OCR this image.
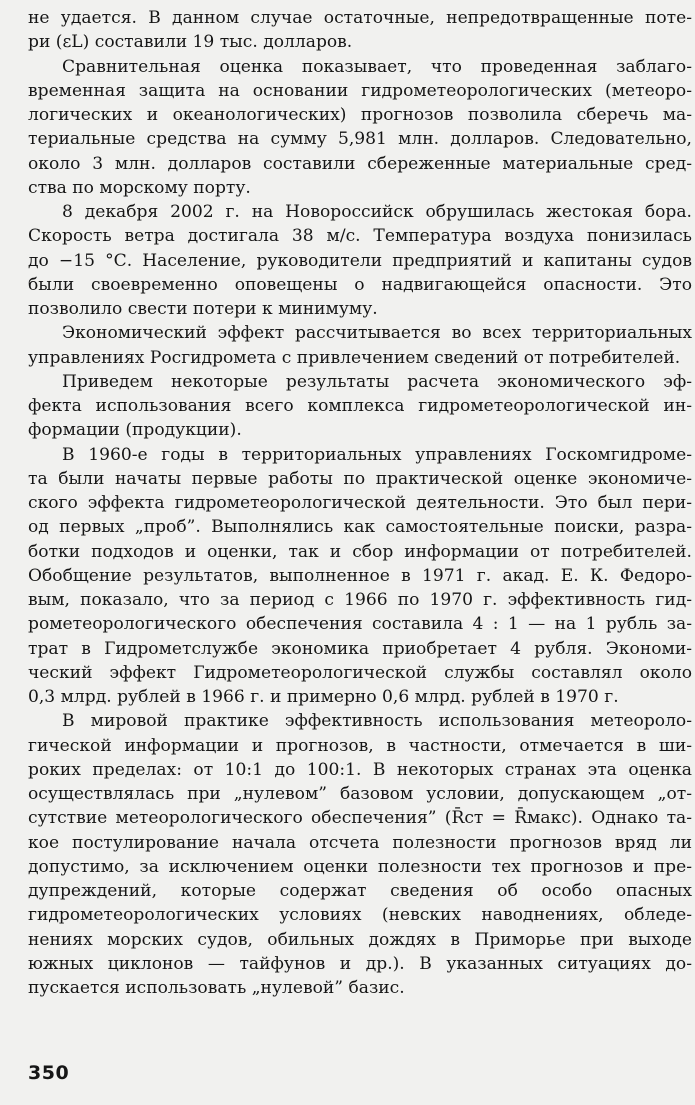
не удается. В данном случае остаточные, непредотвращенные поте-
ри (εL) составили 19 тыс. долларов.
Сравнительная оценка показывает, что проведенная заблаго-
временная защита на основании гидрометеорологических (метеоро-
логических и океанологических) прогнозов позволила сберечь ма-
териальные средства на сумму 5,981 млн. долларов. Следовательно,
около 3 млн. долларов составили сбереженные материальные сред-
ства по морскому порту.
8 декабря 2002 г. на Новороссийск обрушилась жестокая бора.
Скорость ветра достигала 38 м/с. Температура воздуха понизилась
до −15 °С. Население, руководители предприятий и капитаны судов
были своевременно оповещены о надвигающейся опасности. Это
позволило свести потери к минимуму.
Экономический эффект рассчитывается во всех территориальных
управлениях Росгидромета с привлечением сведений от потребителей.
Приведем некоторые результаты расчета экономического эф-
фекта использования всего комплекса гидрометеорологической ин-
формации (продукции).
В 1960-е годы в территориальных управлениях Госкомгидроме-
та были начаты первые работы по практической оценке экономиче-
ского эффекта гидрометеорологической деятельности. Это был пери-
од первых „проб”. Выполнялись как самостоятельные поиски, разра-
ботки подходов и оценки, так и сбор информации от потребителей.
Обобщение результатов, выполненное в 1971 г. акад. Е. К. Федоро-
вым, показало, что за период с 1966 по 1970 г. эффективность гид-
рометеорологического обеспечения составила 4 : 1 — на 1 рубль за-
трат в Гидрометслужбе экономика приобретает 4 рубля. Экономи-
ческий эффект Гидрометеорологической службы составлял около
0,3 млрд. рублей в 1966 г. и примерно 0,6 млрд. рублей в 1970 г.
В мировой практике эффективность использования метеороло-
гической информации и прогнозов, в частности, отмечается в ши-
роких пределах: от 10:1 до 100:1. В некоторых странах эта оценка
осуществлялась при „нулевом” базовом условии, допускающем „от-
сутствие метеорологического обеспечения” (R̄ст = R̄макс). Однако та-
кое постулирование начала отсчета полезности прогнозов вряд ли
допустимо, за исключением оценки полезности тех прогнозов и пре-
дупреждений, которые содержат сведения об особо опасных
гидрометеорологических условиях (невских наводнениях, обледе-
нениях морских судов, обильных дождях в Приморье при выходе
южных циклонов — тайфунов и др.). В указанных ситуациях до-
пускается использовать „нулевой” базис.
350
